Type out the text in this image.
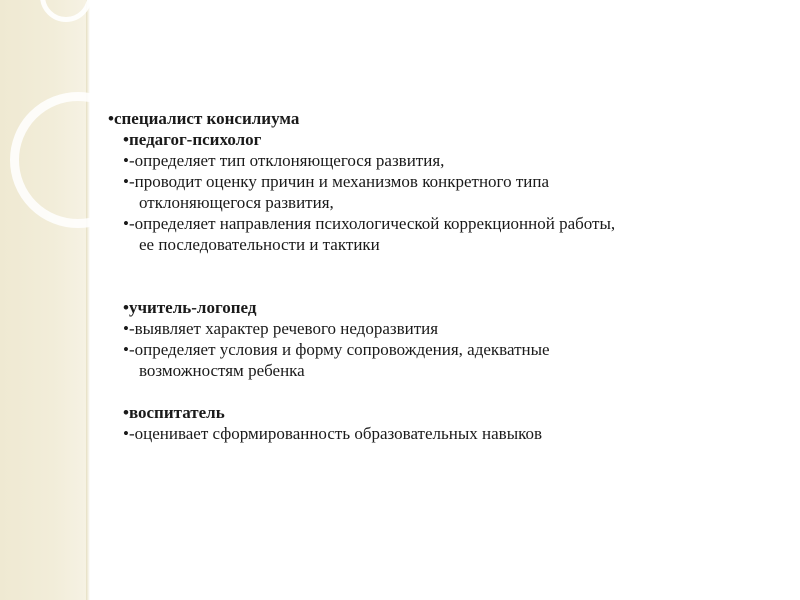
•специалист консилиума
•педагог-психолог
•-определяет тип отклоняющегося развития,
•-проводит оценку причин и механизмов конкретного типа
отклоняющегося развития,
•-определяет направления психологической коррекционной работы,
ее последовательности и тактики
•учитель-логопед
•-выявляет характер речевого недоразвития
•-определяет условия и форму сопровождения, адекватные
возможностям ребенка
•воспитатель
•-оценивает сформированность образовательных навыков
